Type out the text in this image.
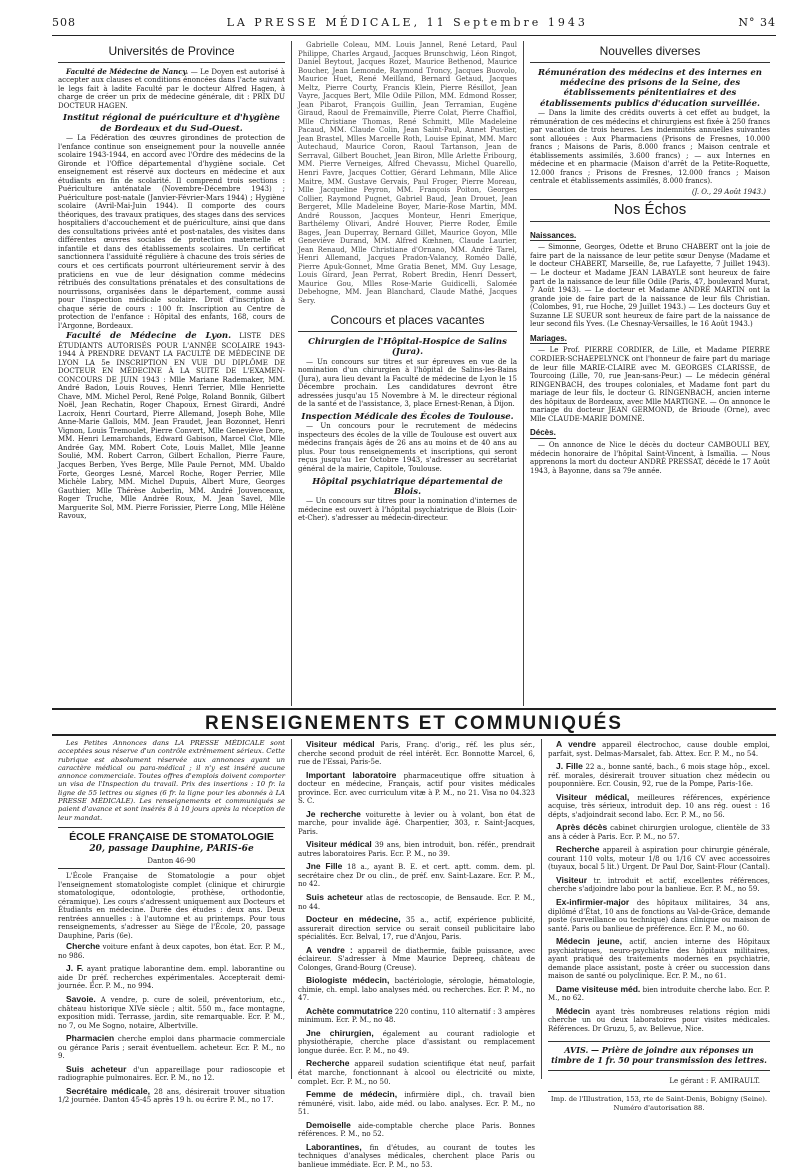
508	LA PRESSE MÉDICALE, 11 Septembre 1943	N° 34
Universités de Province

Faculté de Médecine de Nancy. — Le Doyen est autorisé à accepter aux clauses et conditions énoncées dans l'acte suivant le legs fait à ladite Faculté par le docteur Alfred Hagen, à charge de créer un prix de médecine générale, dit : PRIX DU DOCTEUR HAGEN.

Institut régional de puériculture et d'hygiène de Bordeaux et du Sud-Ouest.

— La Fédération des œuvres girondines de protection de l'enfance continue son enseignement pour la nouvelle année scolaire 1943-1944, en accord avec l'Ordre des médecins de la Gironde et l'Office départemental d'hygiène sociale. Cet enseignement est réservé aux docteurs en médecine et aux étudiants en fin de scolarité. Il comprend trois sections : Puériculture anténatale (Novembre-Décembre 1943) ; Puériculture post-natale (Janvier-Février-Mars 1944) ; Hygiène scolaire (Avril-Mai-Juin 1944). Il comporte des cours théoriques, des travaux pratiques, des stages dans des services hospitaliers d'accouchement et de puériculture, ainsi que dans des consultations privées anté et post-natales, des visites dans différentes œuvres sociales de protection maternelle et infantile et dans des établissements scolaires. Un certificat sanctionnera l'assiduité régulière à chacune des trois séries de cours et ces certificats pourront ultérieurement servir à des praticiens en vue de leur désignation comme médecins rétribués des consultations prénatales et des consultations de nourrissons, organisées dans le département, comme aussi pour l'inspection médicale scolaire. Droit d'inscription à chaque série de cours : 100 fr. Inscription au Centre de protection de l'enfance : Hôpital des enfants, 168, cours de l'Argonne, Bordeaux.

Faculté de Médecine de Lyon. LISTE DES ÉTUDIANTS AUTORISÉS POUR L'ANNÉE SCOLAIRE 1943-1944 À PRENDRE DEVANT LA FACULTÉ DE MÉDECINE DE LYON LA 5e INSCRIPTION EN VUE DU DIPLÔME DE DOCTEUR EN MÉDECINE À LA SUITE DE L'EXAMEN-CONCOURS DE JUIN 1943 : Mlle Mariane Rademaker, MM. André Badon, Louis Rouves, Henri Terrier, Mlle Henriette Chave, MM. Michel Perol, René Polge, Roland Bonnik, Gilbert Noël, Jean Rechatin, Roger Chapoux, Ernest Girardi, André Lacroix, Henri Courtard, Pierre Allemand, Joseph Bohe, Mlle Anne-Marie Gallois, MM. Jean Fraudet, Jean Bozonnet, Henri Vignon, Louis Tremoulet, Pierre Convert, Mlle Geneviève Dore, MM. Henri Lemarchands, Edward Gabison, Marcel Clot, Mlle Andrée Gay, MM. Robert Cote, Louis Mallet, Mlle Jeanne Soulié, MM. Robert Carron, Gilbert Echallon, Pierre Faure, Jacques Berben, Yves Berge, Mlle Paule Pernot, MM. Ubaldo Forte, Georges Lesné, Marcel Roche, Roger Perrier, Mlle Michèle Labry, MM. Michel Dupuis, Albert Mure, Georges Gauthier, Mlle Thérèse Auberlin, MM. André Jouvenceaux, Roger Truche, Mlle Andrée Roux, M. Jean Savel, Mlle Marguerite Sol, MM. Pierre Forissier, Pierre Long, Mlle Hélène Ravoux,

Gabrielle Coleau, MM. Louis Jannel, René Letard, Paul Philippe, Charles Argaud, Jacques Brunschwig, Léon Ringot, Daniel Beytout, Jacques Rozet, Maurice Bethenod, Maurice Boucher, Jean Lemonde, Raymond Troncy, Jacques Buovolo, Maurice Huet, René Meilland, Bernard Getaud, Jacques Meltz, Pierre Courty, Francis Klein, Pierre Résillot, Jean Vayre, Jacques Bert, Mlle Odile Pillon, MM. Edmond Rosser, Jean Pibarot, François Guillin, Jean Terramian, Eugène Giraud, Raoul de Fremainville, Pierre Colat, Pierre Chaffiol, Mlle Christiane Thomas, René Schmitt, Mlle Madeleine Pacaud, MM. Claude Colin, Jean Saint-Paul, Annet Pustier, Jean Brastel, Mlles Marcelle Roth, Louise Epinat, MM. Marc Autechaud, Maurice Coron, Raoul Tartanson, Jean de Serraval, Gilbert Bouchet, Jean Biron, Mlle Arlette Fribourg, MM. Pierre Verneiges, Alfred Chevassu, Michel Quarello, Henri Favre, Jacques Cottier, Gérard Lehmann, Mlle Alice Maitre, MM. Gustave Gervais, Paul Froger, Pierre Moreau, Mlle Jacqueline Peyron, MM. François Poiton, Georges Collier, Raymond Pugnet, Gabriel Baud, Jean Drouet, Jean Bergeret, Mlle Madeleine Boyer, Marie-Rose Martin, MM. André Rousson, Jacques Monteur, Henri Emerique, Barthélemy Olivari, André Houver, Pierre Roder, Émile Bages, Jean Duperray, Bernard Gillet, Maurice Goyon, Mlle Geneviève Durand, MM. Alfred Kœhnen, Claude Laurier, Jean Renaud, Mlle Christiane d'Ornano, MM. André Tarel, Henri Allemand, Jacques Pradon-Valancy, Roméo Dallé, Pierre Apuk-Gonnet, Mme Gratia Benet, MM. Guy Lesage, Louis Girard, Jean Perrat, Robert Bredin, Henri Dessert, Maurice Gou, Mlles Rose-Marie Guidicelli, Salomée Debehogne, MM. Jean Blanchard, Claude Mathé, Jacques Sery.

Concours et places vacantes
Chirurgien de l'Hôpital-Hospice de Salins (Jura).

— Un concours sur titres et sur épreuves en vue de la nomination d'un chirurgien à l'hôpital de Salins-les-Bains (Jura), aura lieu devant la Faculté de médecine de Lyon le 15 Décembre prochain. Les candidatures devront être adressées jusqu'au 15 Novembre à M. le directeur régional de la santé et de l'assistance, 3, place Ernest-Renan, à Dijon.

Inspection Médicale des Écoles de Toulouse.

— Un concours pour le recrutement de médecins inspecteurs des écoles de la ville de Toulouse est ouvert aux médecins français âgés de 26 ans au moins et de 40 ans au plus. Pour tous renseignements et inscriptions, qui seront reçus jusqu'au 1er Octobre 1943, s'adresser au secrétariat général de la mairie, Capitole, Toulouse.

Hôpital psychiatrique départemental de Blois.

— Un concours sur titres pour la nomination d'internes de médecine est ouvert à l'hôpital psychiatrique de Blois (Loir-et-Cher). s'adresser au médecin-directeur.

Nouvelles diverses
Rémunération des médecins et des internes en médecine des prisons de la Seine, des établissements pénitentiaires et des établissements publics d'éducation surveillée.

— Dans la limite des crédits ouverts à cet effet au budget, la rémunération de ces médecins et chirurgiens est fixée à 250 francs par vacation de trois heures. Les indemnités annuelles suivantes sont allouées : Aux Pharmaciens (Prisons de Fresnes, 10.000 francs ; Maisons de Paris, 8.000 francs ; Maison centrale et établissements assimilés, 3.600 francs) ; — aux Internes en médecine et en pharmacie (Maison d'arrêt de la Petite-Roquette, 12.000 francs ; Prisons de Fresnes, 12.000 francs ; Maison centrale et établissements assimilés, 8.000 francs).

(J. O., 29 Août 1943.)
Nos Échos
Naissances.

— Simonne, Georges, Odette et Bruno CHABERT ont la joie de faire part de la naissance de leur petite sœur Denyse (Madame et le docteur CHABERT, Marseille, 8e, rue Lafayette, 7 Juillet 1943). — Le docteur et Madame JEAN LABAYLE sont heureux de faire part de la naissance de leur fille Odile (Paris, 47, boulevard Murat, 7 Août 1943). — Le docteur et Madame ANDRÉ MARTIN ont la grande joie de faire part de la naissance de leur fils Christian. (Colombes, 91, rue Hoche, 29 Juillet 1943.) — Les docteurs Guy et Suzanne LE SUEUR sont heureux de faire part de la naissance de leur second fils Yves. (Le Chesnay-Versailles, le 16 Août 1943.)

Mariages.

— Le Prof. PIERRE CORDIER, de Lille, et Madame PIERRE CORDIER-SCHAEPELYNCK ont l'honneur de faire part du mariage de leur fille MARIE-CLAIRE avec M. GEORGES CLARISSE, de Tourcoing (Lille, 70, rue Jean-sans-Peur.) — Le médecin général RINGENBACH, des troupes coloniales, et Madame font part du mariage de leur fils, le docteur G. RINGENBACH, ancien interne des hôpitaux de Bordeaux, avec Mlle MARTIGNE. — On annonce le mariage du docteur JEAN GERMOND, de Brioude (Orne), avec Mlle CLAUDE-MARIE DOMINÉ.

Décès.

— On annonce de Nice le décès du docteur CAMBOULI BEY, médecin honoraire de l'hôpital Saint-Vincent, à Ismaïlia. — Nous apprenons la mort du docteur ANDRÉ PRESSAT, décédé le 17 Août 1943, à Bayonne, dans sa 79e année.

RENSEIGNEMENTS ET COMMUNIQUÉS

Les Petites Annonces dans LA PRESSE MÉDICALE sont acceptées sous réserve d'un contrôle extrêmement sérieux. Cette rubrique est absolument réservée aux annonces ayant un caractère médical ou para-médical ; il n'y est inséré aucune annonce commerciale. Toutes offres d'emplois doivent comporter un visa de l'Inspection du travail. Prix des insertions : 10 fr. la ligne de 55 lettres ou signes (6 fr. la ligne pour les abonnés à LA PRESSE MÉDICALE). Les renseignements et communiqués se paient d'avance et sont insérés 8 à 10 jours après la réception de leur mandat.

ÉCOLE FRANÇAISE DE STOMATOLOGIE
20, passage Dauphine, PARIS-6e
Danton 46-90

L'École Française de Stomatologie a pour objet l'enseignement stomatologiste complet (clinique et chirurgie stomatologique, odontologie, prothèse, orthodontie, céramique). Les cours s'adressent uniquement aux Docteurs et Étudiants en médecine. Durée des études : deux ans. Deux rentrées annuelles : à l'automne et au printemps. Pour tous renseignements, s'adresser au Siège de l'École, 20, passage Dauphine, Paris (6e).

Cherche voiture enfant à deux capotes, bon état. Ecr. P. M., no 986.

J. F. ayant pratique laborantine dem. empl. laborantine ou aide Dr préf. recherches expérimentales. Accepterait demi-journée. Ecr. P. M., no 994.

Savoie. A vendre, p. cure de soleil, préventorium, etc., château historique XIVe siècle ; altit. 550 m., face montagne, exposition midi. Terrasse, jardin, site remarquable. Ecr. P. M., no 7, ou Me Sogno, notaire, Albertville.

Pharmacien cherche emploi dans pharmacie commerciale ou gérance Paris ; serait éventuellem. acheteur. Ecr. P. M., no 9.

Suis acheteur d'un appareillage pour radioscopie et radiographie pulmonaires. Ecr. P. M., no 12.

Secrétaire médicale, 28 ans, désirerait trouver situation 1/2 journée. Danton 45-45 après 19 h. ou écrire P. M., no 17.

Visiteur médical Paris, Franç. d'orig., réf. les plus sér., cherche second produit de réel intérêt. Ecr. Bonnotte Marcel, 6, rue de l'Essai, Paris-5e.

Important laboratoire pharmaceutique offre situation à docteur en médecine, Français, actif pour visites médicales province. Ecr. avec curriculum vitæ à P. M., no 21. Visa no 04.323 S. C.

Je recherche voiturette à levier ou à volant, bon état de marche, pour invalide âgé. Charpentier, 303, r. Saint-Jacques, Paris.

Visiteur médical 39 ans, bien introduit, bon. référ., prendrait autres laboratoires Paris. Ecr. P. M., no 39.

Jne Fille 18 a., ayant B. E. et cert. aptt. comm. dem. pl. secrétaire chez Dr ou clin., de préf. env. Saint-Lazare. Ecr. P. M., no 42.

Suis acheteur atlas de rectoscopie, de Bensaude. Ecr. P. M., no 44.

Docteur en médecine, 35 a., actif, expérience publicité, assurerait direction service ou serait conseil publicitaire labo spécialités. Ecr. Belval, 17, rue d'Anjou, Paris.

A vendre : appareil de diathermie, faible puissance, avec éclaireur. S'adresser à Mme Maurice Depreeq, château de Colonges, Grand-Bourg (Creuse).

Biologiste médecin, bactériologie, sérologie, hématologie, chimie, ch. empl. labo analyses méd. ou recherches. Ecr. P. M., no 47.

Achète commutatrice 220 continu, 110 alternatif : 3 ampères minimum. Ecr. P. M., no 48.

Jne chirurgien, également au courant radiologie et physiothérapie, cherche place d'assistant ou remplacement longue durée. Ecr. P. M., no 49.

Recherche appareil sudation scientifique état neuf, parfait état marche, fonctionnant à alcool ou électricité ou mixte, complet. Ecr. P. M., no 50.

Femme de médecin, infirmière dipl., ch. travail bien rémunéré, visit. labo, aide méd. ou labo. analyses. Ecr. P. M., no 51.

Demoiselle aide-comptable cherche place Paris. Bonnes références. P. M., no 52.

Laborantines, fin d'études, au courant de toutes les techniques d'analyses médicales, cherchent place Paris ou banlieue immédiate. Ecr. P. M., no 53.

A vendre appareil électrochoc, cause double emploi, parfait, syst. Delmas-Marsalet, fab. Attex. Ecr. P. M., no 54.

J. Fille 22 a., bonne santé, bach., 6 mois stage hôp., excel. réf. morales, désirerait trouver situation chez médecin ou pouponnière. Ecr. Cousin, 92, rue de la Pompe, Paris-16e.

Visiteur médical, meilleures références, expérience acquise, très sérieux, introduit dep. 10 ans rég. ouest : 16 dépts, s'adjoindrait second labo. Ecr. P. M., no 56.

Après décès cabinet chirurgien urologue, clientèle de 33 ans à céder à Paris. Ecr. P. M., no 57.

Recherche appareil à aspiration pour chirurgie générale, courant 110 volts, moteur 1/8 ou 1/16 CV avec accessoires (tuyaux, bocal 5 lit.) Urgent. Dr Paul Dor, Saint-Flour (Cantal).

Visiteur tr. introduit et actif, excellentes références, cherche s'adjoindre labo pour la banlieue. Ecr. P. M., no 59.

Ex-infirmier-major des hôpitaux militaires, 34 ans, diplômé d'État, 10 ans de fonctions au Val-de-Grâce, demande poste (surveillance ou technique) dans clinique ou maison de santé. Paris ou banlieue de préférence. Ecr. P. M., no 60.

Médecin jeune, actif, ancien interne des Hôpitaux psychiatriques, neuro-psychiatre des hôpitaux militaires, ayant pratiqué des traitements modernes en psychiatrie, demande place assistant, poste à créer ou succession dans maison de santé ou polyclinique. Ecr. P. M., no 61.

Dame visiteuse méd. bien introduite cherche labo. Ecr. P. M., no 62.

Médecin ayant très nombreuses relations région midi cherche un ou deux laboratoires pour visites médicales. Références. Dr Gruzu, 5, av. Bellevue, Nice.

AVIS. — Prière de joindre aux réponses un timbre de 1 fr. 50 pour transmission des lettres.
Le gérant : F. AMIRAULT.
Imp. de l'Illustration, 153, rte de Saint-Denis, Bobigny (Seine). Numéro d'autorisation 88.
